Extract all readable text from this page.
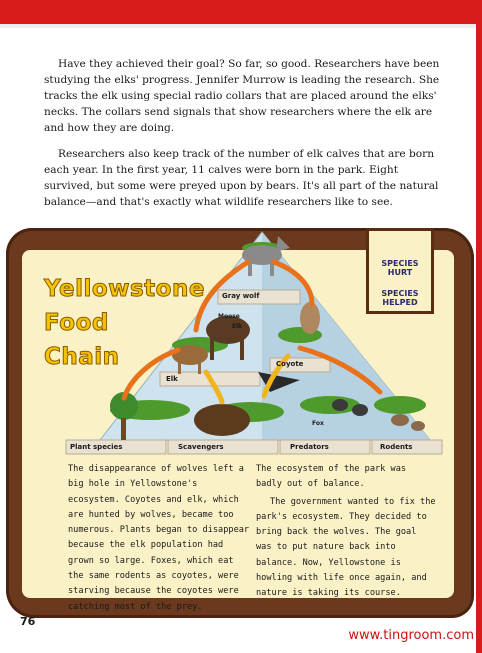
Have they achieved their goal? So far, so good. Researchers have been studying the elks' progress. Jennifer Murrow is leading the research. She tracks the elk using special radio collars that are placed around the elks' necks. The collars send signals that show researchers where the elk are and how they are doing.

Researchers also keep track of the number of elk calves that are born each year. In the first year, 11 calves were born in the park. Eight survived, but some were preyed upon by bears. It's all part of the natural balance—and that's exactly what wildlife researchers like to see.

SPECIES
HURT
SPECIES
HELPED
Yellowstone
Food
Chain
Gray wolf
Moose
Elk
Coyote
Elk
Fox
Plant species	Scavengers	Predators	Rodents

The disappearance of wolves left a big hole in Yellowstone's ecosystem. Coyotes and elk, which are hunted by wolves, became too numerous. Plants began to disappear because the elk population had grown so large. Foxes, which eat the same rodents as coyotes, were starving because the coyotes were catching most of the prey.

The ecosystem of the park was badly out of balance.

The government wanted to fix the park's ecosystem. They decided to bring back the wolves. The goal was to put nature back into balance. Now, Yellowstone is howling with life once again, and nature is taking its course.

76
www.tingroom.com
